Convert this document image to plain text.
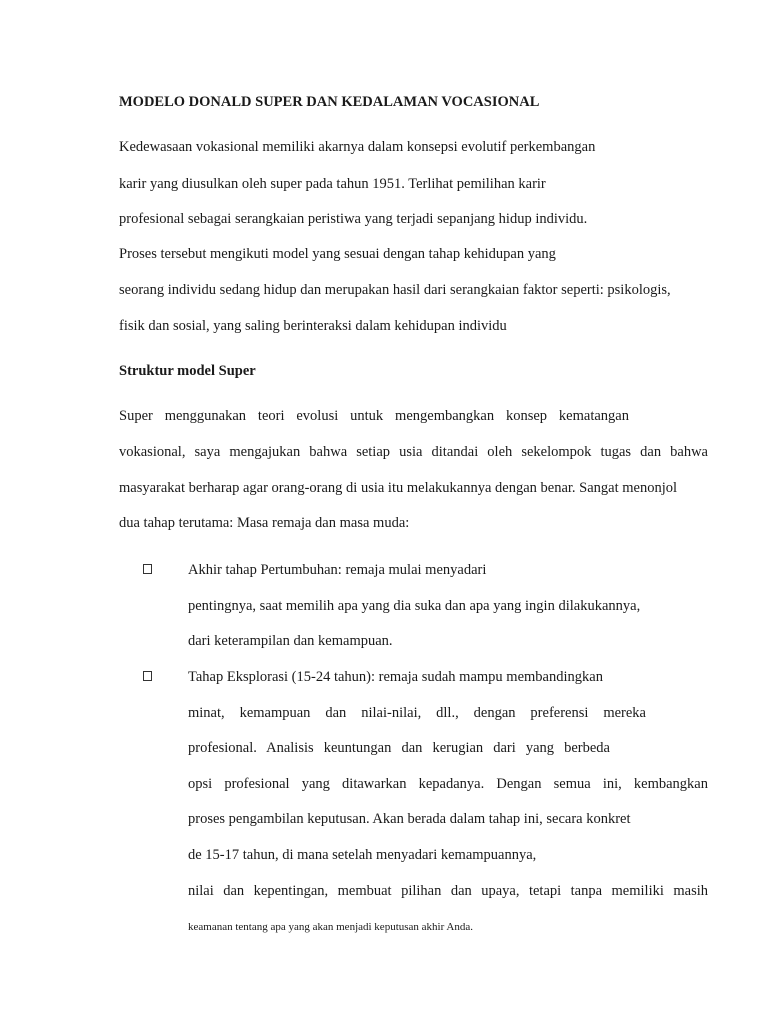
MODELO DONALD SUPER DAN KEDALAMAN VOCASIONAL
Kedewasaan vokasional memiliki akarnya dalam konsepsi evolutif perkembangan
karir yang diusulkan oleh super pada tahun 1951. Terlihat pemilihan karir
profesional sebagai serangkaian peristiwa yang terjadi sepanjang hidup individu.
Proses tersebut mengikuti model yang sesuai dengan tahap kehidupan yang
seorang individu sedang hidup dan merupakan hasil dari serangkaian faktor seperti: psikologis,
fisik dan sosial, yang saling berinteraksi dalam kehidupan individu
Struktur model Super
Super menggunakan teori evolusi untuk mengembangkan konsep kematangan
vokasional, saya mengajukan bahwa setiap usia ditandai oleh sekelompok tugas dan bahwa
masyarakat berharap agar orang-orang di usia itu melakukannya dengan benar. Sangat menonjol
dua tahap terutama: Masa remaja dan masa muda:
Akhir tahap Pertumbuhan: remaja mulai menyadari
pentingnya, saat memilih apa yang dia suka dan apa yang ingin dilakukannya,
dari keterampilan dan kemampuan.
Tahap Eksplorasi (15-24 tahun): remaja sudah mampu membandingkan
minat, kemampuan dan nilai-nilai, dll., dengan preferensi mereka
profesional. Analisis keuntungan dan kerugian dari yang berbeda
opsi profesional yang ditawarkan kepadanya. Dengan semua ini, kembangkan
proses pengambilan keputusan. Akan berada dalam tahap ini, secara konkret
de 15-17 tahun, di mana setelah menyadari kemampuannya,
nilai dan kepentingan, membuat pilihan dan upaya, tetapi tanpa memiliki masih
keamanan tentang apa yang akan menjadi keputusan akhir Anda.
